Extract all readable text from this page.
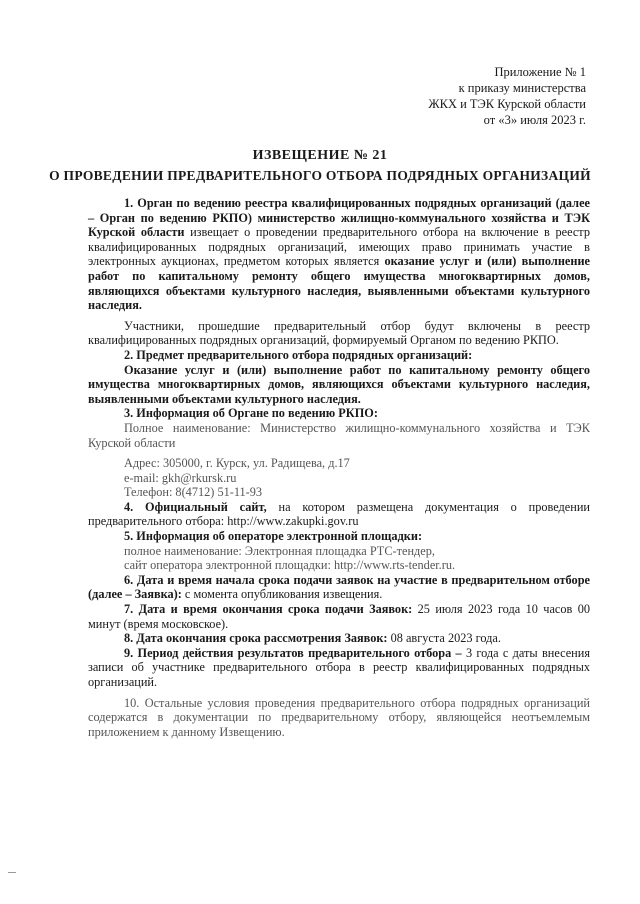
Приложение № 1
к приказу министерства
ЖКХ и ТЭК Курской области
от «3» июля 2023 г.
ИЗВЕЩЕНИЕ № 21
О ПРОВЕДЕНИИ ПРЕДВАРИТЕЛЬНОГО ОТБОРА ПОДРЯДНЫХ ОРГАНИЗАЦИЙ

1. Орган по ведению реестра квалифицированных подрядных организаций (далее – Орган по ведению РКПО) министерство жилищно-коммунального хозяйства и ТЭК Курской области извещает о проведении предварительного отбора на включение в реестр квалифицированных подрядных организаций, имеющих право принимать участие в электронных аукционах, предметом которых является оказание услуг и (или) выполнение работ по капитальному ремонту общего имущества многоквартирных домов, являющихся объектами культурного наследия, выявленными объектами культурного наследия.

Участники, прошедшие предварительный отбор будут включены в реестр квалифицированных подрядных организаций, формируемый Органом по ведению РКПО.

2. Предмет предварительного отбора подрядных организаций:

Оказание услуг и (или) выполнение работ по капитальному ремонту общего имущества многоквартирных домов, являющихся объектами культурного наследия, выявленными объектами культурного наследия.

3. Информация об Органе по ведению РКПО:

Полное наименование: Министерство жилищно-коммунального хозяйства и ТЭК Курской области

Адрес: 305000, г. Курск, ул. Радищева, д.17

e-mail: gkh@rkursk.ru

Телефон: 8(4712) 51-11-93

4. Официальный сайт, на котором размещена документация о проведении предварительного отбора: http://www.zakupki.gov.ru

5. Информация об операторе электронной площадки:

полное наименование: Электронная площадка РТС-тендер,

сайт оператора электронной площадки: http://www.rts-tender.ru.

6. Дата и время начала срока подачи заявок на участие в предварительном отборе (далее – Заявка): с момента опубликования извещения.

7. Дата и время окончания срока подачи Заявок: 25 июля 2023 года 10 часов 00 минут (время московское).

8. Дата окончания срока рассмотрения Заявок: 08 августа 2023 года.

9. Период действия результатов предварительного отбора – 3 года с даты внесения записи об участнике предварительного отбора в реестр квалифицированных подрядных организаций.

10. Остальные условия проведения предварительного отбора подрядных организаций содержатся в документации по предварительному отбору, являющейся неотъемлемым приложением к данному Извещению.
